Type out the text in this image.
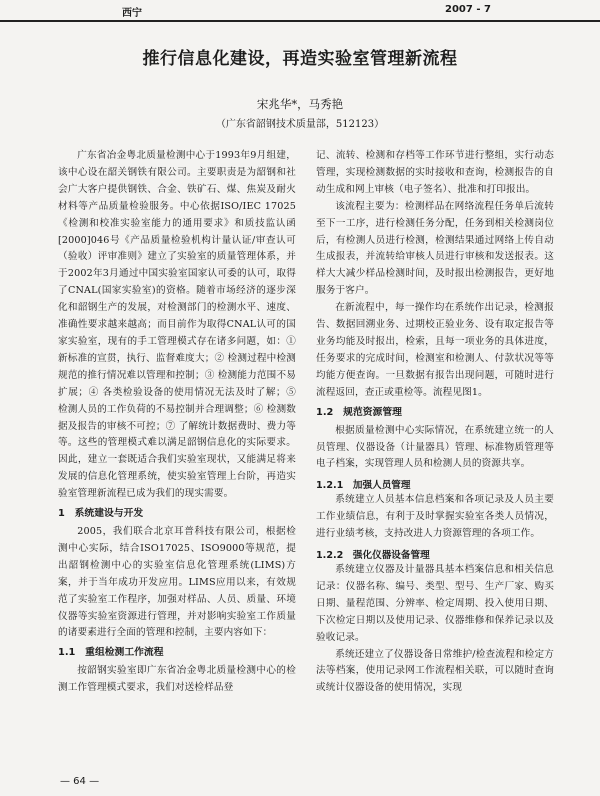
西宁	2007 - 7
推行信息化建设，再造实验室管理新流程
宋兆华*，马秀艳
（广东省韶钢技术质量部，512123）

广东省冶金粤北质量检测中心于1993年9月组建，该中心设在韶关钢铁有限公司。主要职责是为韶钢和社会广大客户提供钢铁、合金、铁矿石、煤、焦炭及耐火材料等产品质量检验服务。中心依据ISO/IEC 17025《检测和校准实验室能力的通用要求》和质技监认函[2000]046号《产品质量检验机构计量认证/审查认可（验收）评审准则》建立了实验室的质量管理体系，并于2002年3月通过中国实验室国家认可委的认可，取得了CNAL(国家实验室)的资格。随着市场经济的逐步深化和韶钢生产的发展，对检测部门的检测水平、速度、准确性要求越来越高；而目前作为取得CNAL认可的国家实验室，现有的手工管理模式存在诸多问题，如：① 新标准的宣贯，执行、监督难度大；② 检测过程中检测规范的推行情况难以管理和控制；③ 检测能力范围不易扩展；④ 各类检验设备的使用情况无法及时了解；⑤ 检测人员的工作负荷的不易控制并合理调整；⑥ 检测数据及报告的审核不可控；⑦ 了解统计数据费时、费力等等。这些的管理模式难以满足韶钢信息化的实际要求。因此，建立一套既适合我们实验室现状，又能满足将来发展的信息化管理系统，使实验室管理上台阶，再造实验室管理新流程已成为我们的现实需要。

1　系统建设与开发

2005，我们联合北京耳普科技有限公司，根据检测中心实际，结合ISO17025、ISO9000等规范，提出韶钢检测中心的实验室信息化管理系统(LIMS)方案，并于当年成功开发应用。LIMS应用以来，有效规范了实验室工作程序，加强对样品、人员、质量、环境仪器等实验室资源进行管理，并对影响实验室工作质量的诸要素进行全面的管理和控制，主要内容如下：

1.1　重组检测工作流程

按韶钢实验室即广东省冶金粤北质量检测中心的检测工作管理模式要求，我们对送检样品登

记、流转、检测和存档等工作环节进行整组，实行动态管理，实现检测数据的实时接收和查询，检测报告的自动生成和网上审核（电子签名）、批准和打印报出。

该流程主要为：检测样品在网络流程任务单后流转至下一工序，进行检测任务分配，任务到相关检测岗位后，有检测人员进行检测，检测结果通过网络上传自动生成报表，并流转给审核人员进行审核和发送报表。这样大大减少样品检测时间，及时报出检测报告，更好地服务于客户。

在新流程中，每一操作均在系统作出记录，检测报告、数据回溯业务、过期校正验业务、设有取定报告等业务均能及时报出，检索，且每一项业务的具体进度，任务要求的完成时间，检测室和检测人、付款状况等等均能方便查询。一旦数据有报告出现问题，可随时进行流程返回，查正或重检等。流程见图1。

1.2　规范资源管理

根据质量检测中心实际情况，在系统建立统一的人员管理、仪器设备（计量器具）管理、标准物质管理等电子档案，实现管理人员和检测人员的资源共享。

1.2.1　加强人员管理

系统建立人员基本信息档案和各项记录及人员主要工作业绩信息，有利于及时掌握实验室各类人员情况，进行业绩考核，支持改进人力资源管理的各项工作。

1.2.2　强化仪器设备管理

系统建立仪器及计量器具基本档案信息和相关信息记录：仪器名称、编号、类型、型号、生产厂家、购买日期、量程范围、分辨率、检定周期、投入使用日期、下次检定日期以及使用记录、仪器维修和保养记录以及验收记录。

系统还建立了仪器设备日常维护/检查流程和检定方法等档案，使用记录网工作流程相关联，可以随时查询或统计仪器设备的使用情况，实现

— 64 —
